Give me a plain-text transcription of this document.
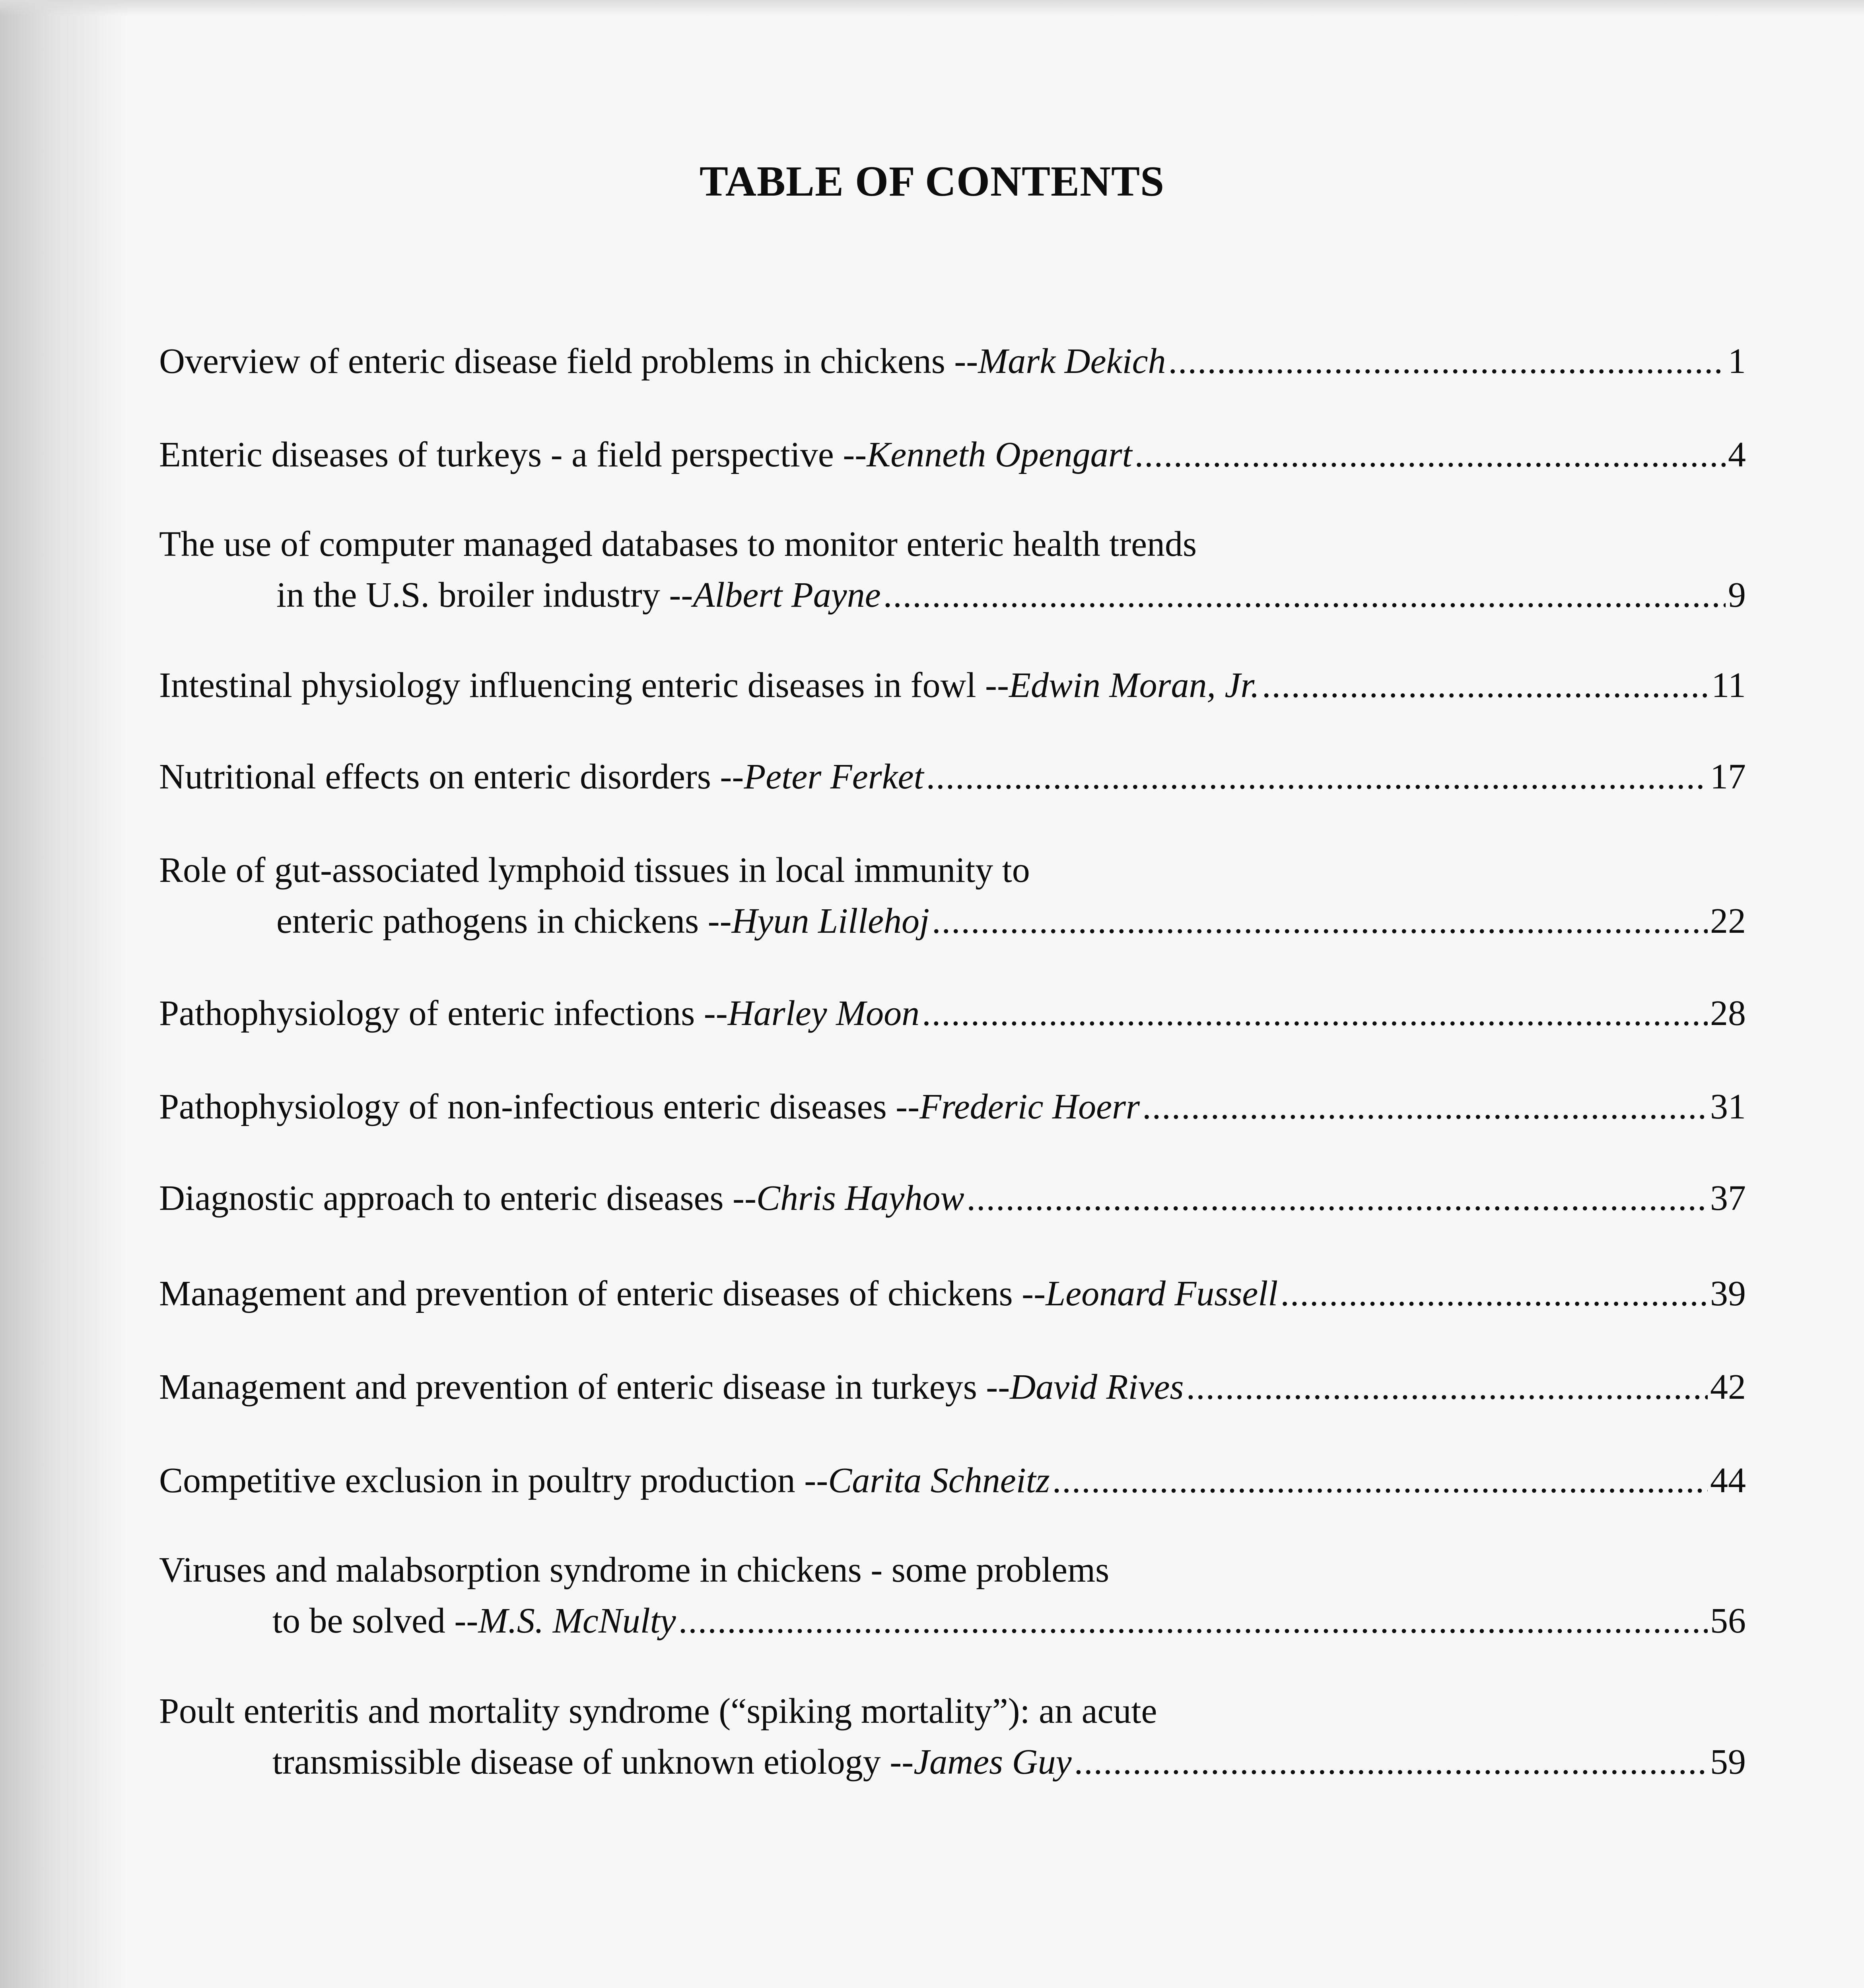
TABLE OF CONTENTS
Overview of enteric disease field problems in chickens -- Mark Dekich .....	1
Enteric diseases of turkeys - a field perspective -- Kenneth Opengart .....	4
The use of computer managed databases to monitor enteric health trends
in the U.S. broiler industry -- Albert Payne .....	9
Intestinal physiology influencing enteric diseases in fowl -- Edwin Moran, Jr. .....	11
Nutritional effects on enteric disorders -- Peter Ferket .....	17
Role of gut-associated lymphoid tissues in local immunity to
enteric pathogens in chickens -- Hyun Lillehoj .....	22
Pathophysiology of enteric infections -- Harley Moon .....	28
Pathophysiology of non-infectious enteric diseases -- Frederic Hoerr .....	31
Diagnostic approach to enteric diseases -- Chris Hayhow .....	37
Management and prevention of enteric diseases of chickens -- Leonard Fussell .....	39
Management and prevention of enteric disease in turkeys -- David Rives .....	42
Competitive exclusion in poultry production -- Carita Schneitz .....	44
Viruses and malabsorption syndrome in chickens - some problems
to be solved -- M.S. McNulty .....	56
Poult enteritis and mortality syndrome (“spiking mortality”): an acute
transmissible disease of unknown etiology -- James Guy .....	59
